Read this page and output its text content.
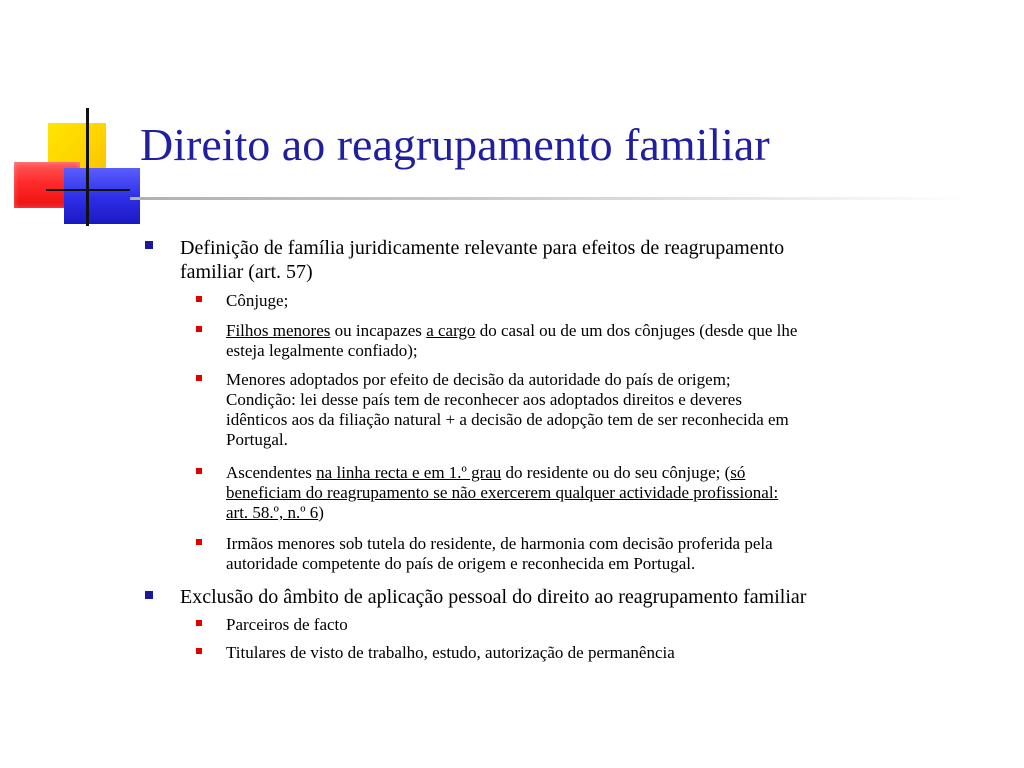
Direito ao reagrupamento familiar
Definição de família juridicamente relevante para efeitos de reagrupamento
familiar (art. 57)
Cônjuge;
Filhos menores ou incapazes a cargo do casal ou de um dos cônjuges (desde que lhe
esteja legalmente confiado);
Menores adoptados por efeito de decisão da autoridade do país de origem;
Condição: lei desse país tem de reconhecer aos adoptados direitos e deveres
idênticos aos da filiação natural + a decisão de adopção tem de ser reconhecida em
Portugal.
Ascendentes na linha recta e em 1.º grau do residente ou do seu cônjuge; (só
beneficiam do reagrupamento se não exercerem qualquer actividade profissional:
art. 58.º, n.º 6)
Irmãos menores sob tutela do residente, de harmonia com decisão proferida pela
autoridade competente do país de origem e reconhecida em Portugal.
Exclusão do âmbito de aplicação pessoal do direito ao reagrupamento familiar
Parceiros de facto
Titulares de visto de trabalho, estudo, autorização de permanência
